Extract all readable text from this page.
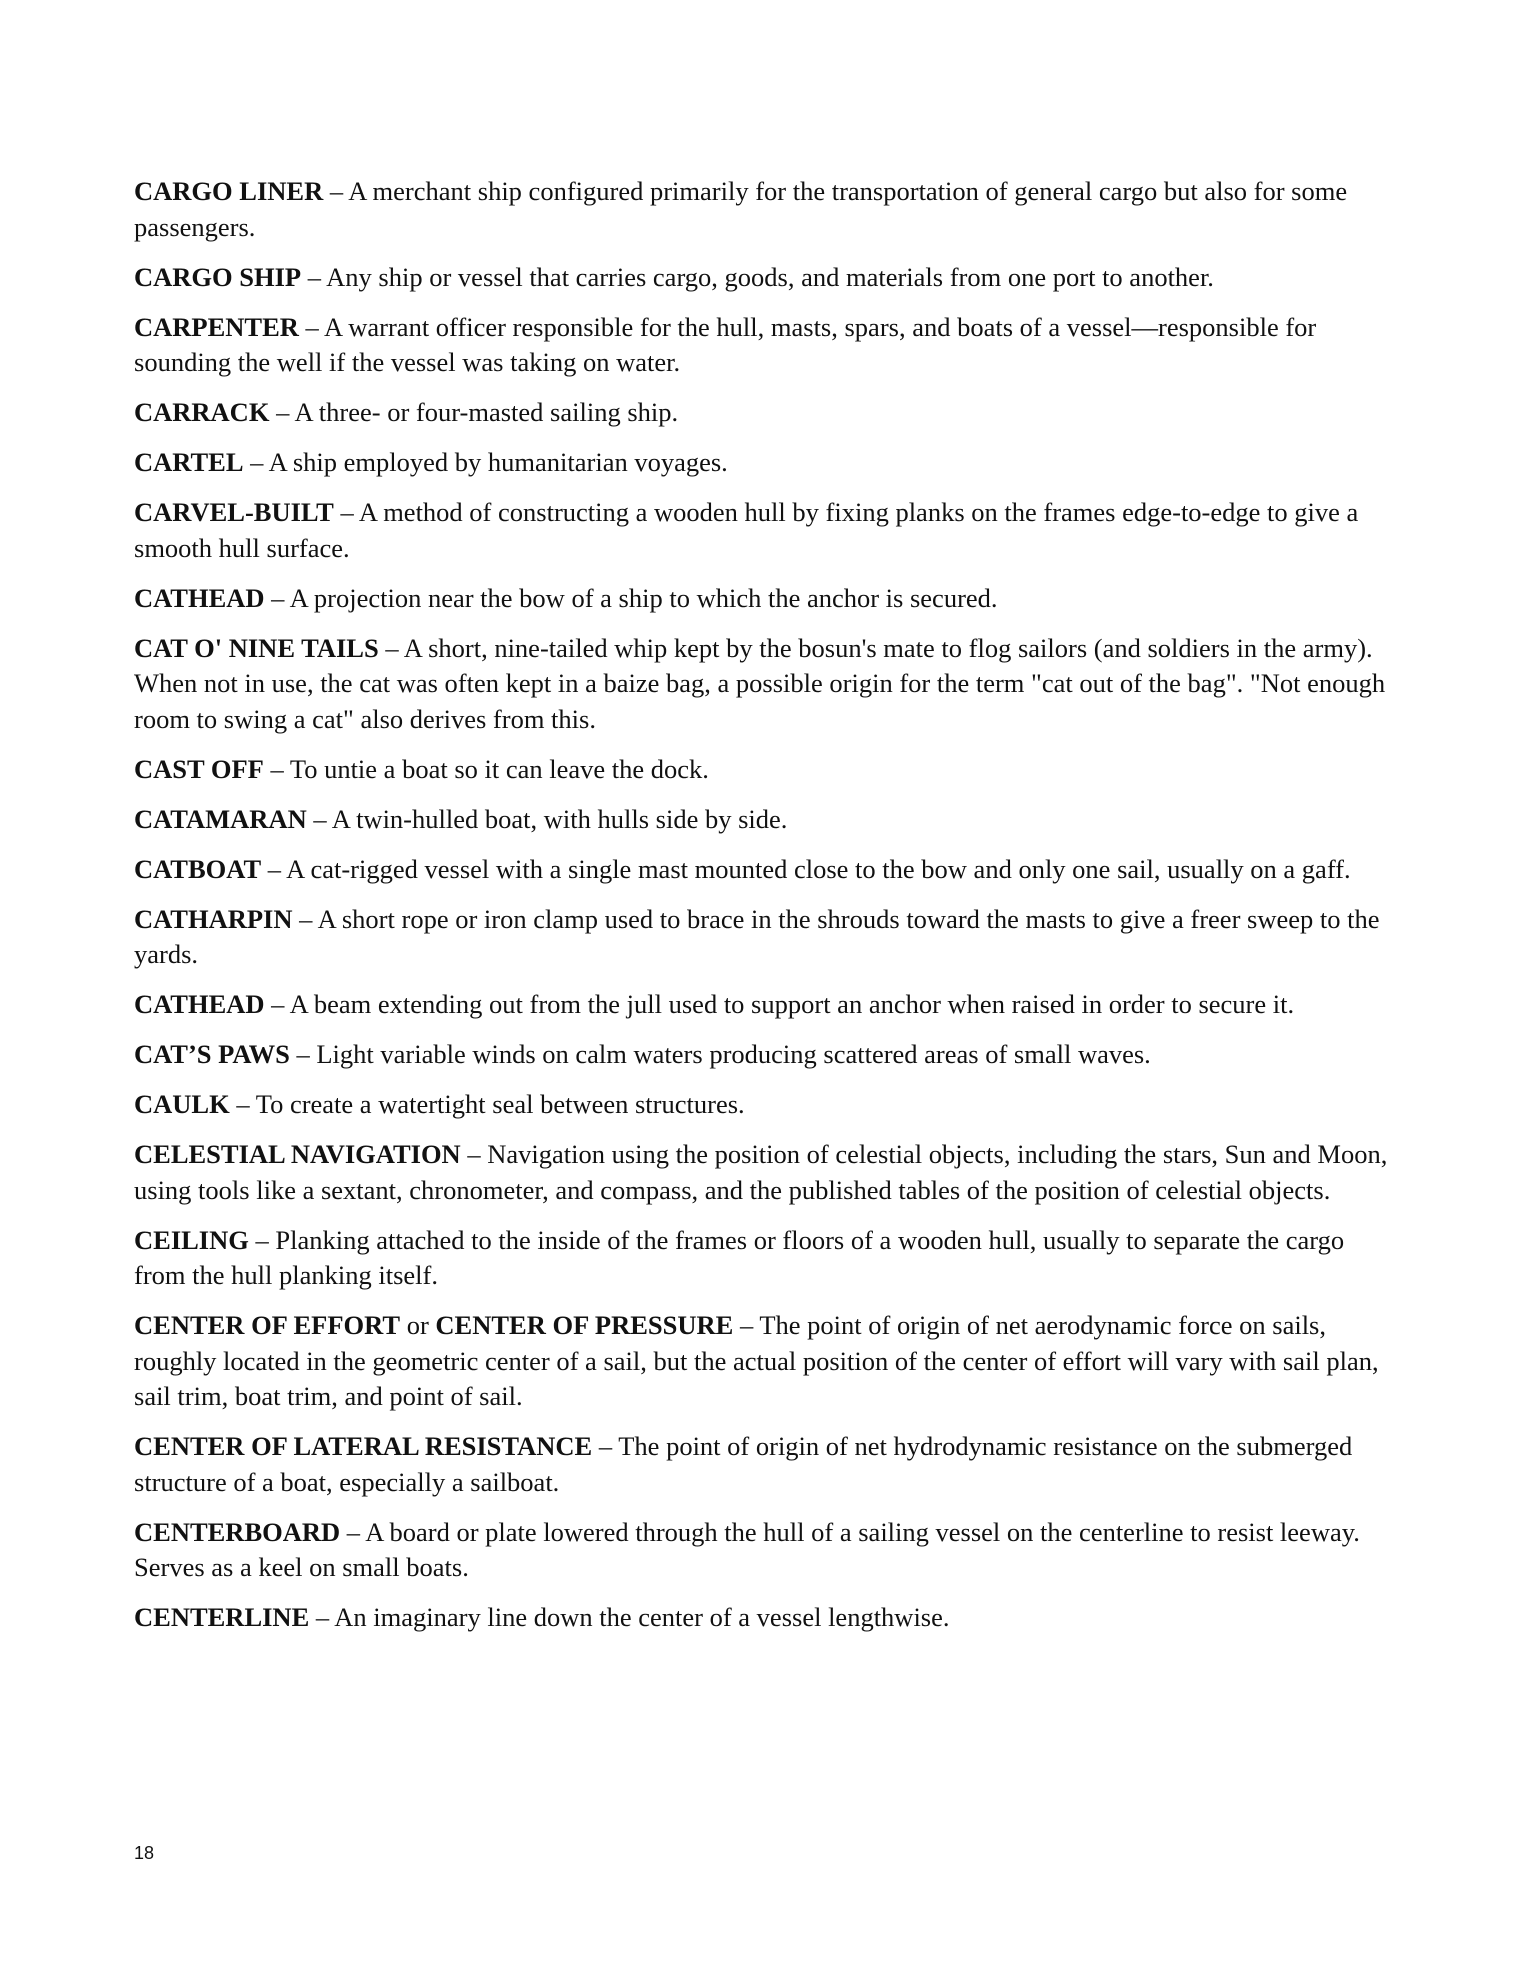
CARGO LINER – A merchant ship configured primarily for the transportation of general cargo but also for some passengers.

CARGO SHIP – Any ship or vessel that carries cargo, goods, and materials from one port to another.

CARPENTER – A warrant officer responsible for the hull, masts, spars, and boats of a vessel—responsible for sounding the well if the vessel was taking on water.

CARRACK – A three- or four-masted sailing ship.

CARTEL – A ship employed by humanitarian voyages.

CARVEL-BUILT – A method of constructing a wooden hull by fixing planks on the frames edge-to-edge to give a smooth hull surface.

CATHEAD – A projection near the bow of a ship to which the anchor is secured.

CAT O' NINE TAILS – A short, nine-tailed whip kept by the bosun's mate to flog sailors (and soldiers in the army). When not in use, the cat was often kept in a baize bag, a possible origin for the term "cat out of the bag". "Not enough room to swing a cat" also derives from this.

CAST OFF – To untie a boat so it can leave the dock.

CATAMARAN – A twin-hulled boat, with hulls side by side.

CATBOAT – A cat-rigged vessel with a single mast mounted close to the bow and only one sail, usually on a gaff.

CATHARPIN – A short rope or iron clamp used to brace in the shrouds toward the masts to give a freer sweep to the yards.

CATHEAD – A beam extending out from the jull used to support an anchor when raised in order to secure it.

CAT’S PAWS – Light variable winds on calm waters producing scattered areas of small waves.

CAULK – To create a watertight seal between structures.

CELESTIAL NAVIGATION – Navigation using the position of celestial objects, including the stars, Sun and Moon, using tools like a sextant, chronometer, and compass, and the published tables of the position of celestial objects.

CEILING – Planking attached to the inside of the frames or floors of a wooden hull, usually to separate the cargo from the hull planking itself.

CENTER OF EFFORT or CENTER OF PRESSURE – The point of origin of net aerodynamic force on sails, roughly located in the geometric center of a sail, but the actual position of the center of effort will vary with sail plan, sail trim, boat trim, and point of sail.

CENTER OF LATERAL RESISTANCE – The point of origin of net hydrodynamic resistance on the submerged structure of a boat, especially a sailboat.

CENTERBOARD – A board or plate lowered through the hull of a sailing vessel on the centerline to resist leeway. Serves as a keel on small boats.

CENTERLINE – An imaginary line down the center of a vessel lengthwise.

18
